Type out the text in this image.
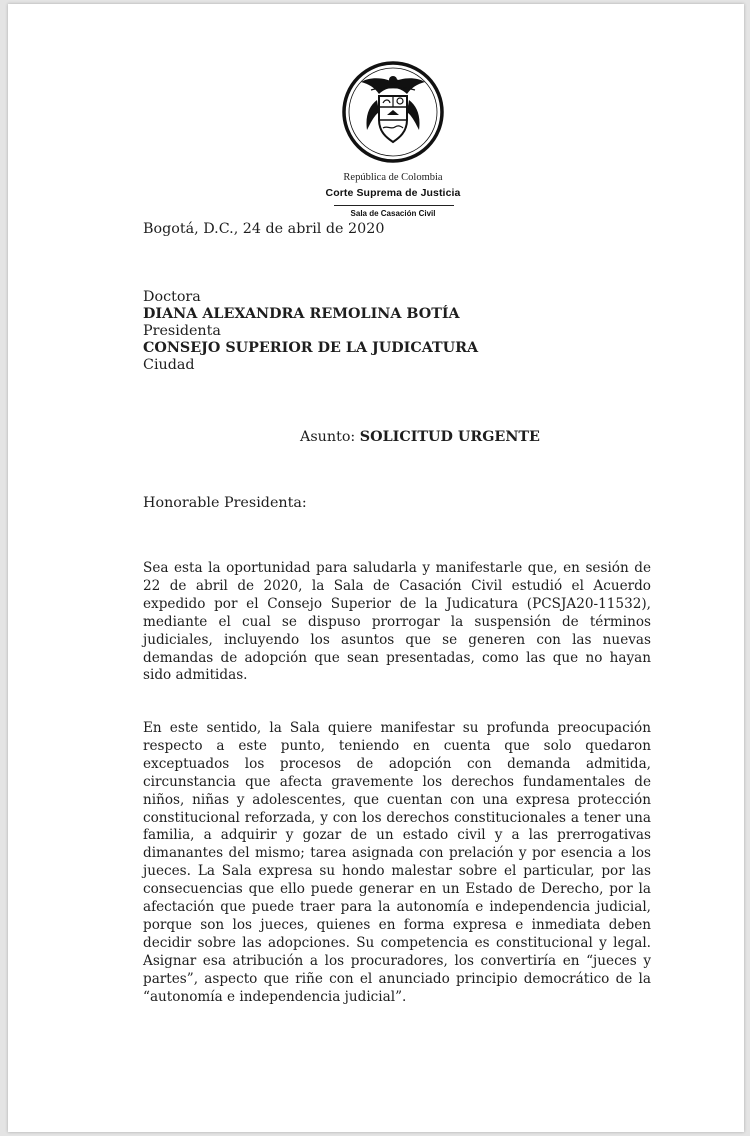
República de Colombia
Corte Suprema de Justicia
Sala de Casación Civil
Bogotá, D.C., 24 de abril de 2020
Doctora
DIANA ALEXANDRA REMOLINA BOTÍA
Presidenta
CONSEJO SUPERIOR DE LA JUDICATURA
Ciudad
Asunto: SOLICITUD URGENTE
Honorable Presidenta:
Sea esta la oportunidad para saludarla y manifestarle que, en sesión de 22 de abril de 2020, la Sala de Casación Civil estudió el Acuerdo expedido por el Consejo Superior de la Judicatura (PCSJA20-11532), mediante el cual se dispuso prorrogar la suspensión de términos judiciales, incluyendo los asuntos que se generen con las nuevas demandas de adopción que sean presentadas, como las que no hayan sido admitidas.
En este sentido, la Sala quiere manifestar su profunda preocupación respecto a este punto, teniendo en cuenta que solo quedaron exceptuados los procesos de adopción con demanda admitida, circunstancia que afecta gravemente los derechos fundamentales de niños, niñas y adolescentes, que cuentan con una expresa protección constitucional reforzada, y con los derechos constitucionales a tener una familia, a adquirir y gozar de un estado civil y a las prerrogativas dimanantes del mismo; tarea asignada con prelación y por esencia a los jueces. La Sala expresa su hondo malestar sobre el particular, por las consecuencias que ello puede generar en un Estado de Derecho, por la afectación que puede traer para la autonomía e independencia judicial, porque son los jueces, quienes en forma expresa e inmediata deben decidir sobre las adopciones. Su competencia es constitucional y legal. Asignar esa atribución a los procuradores, los convertiría en “jueces y partes”, aspecto que riñe con el anunciado principio democrático de la “autonomía e independencia judicial”.
